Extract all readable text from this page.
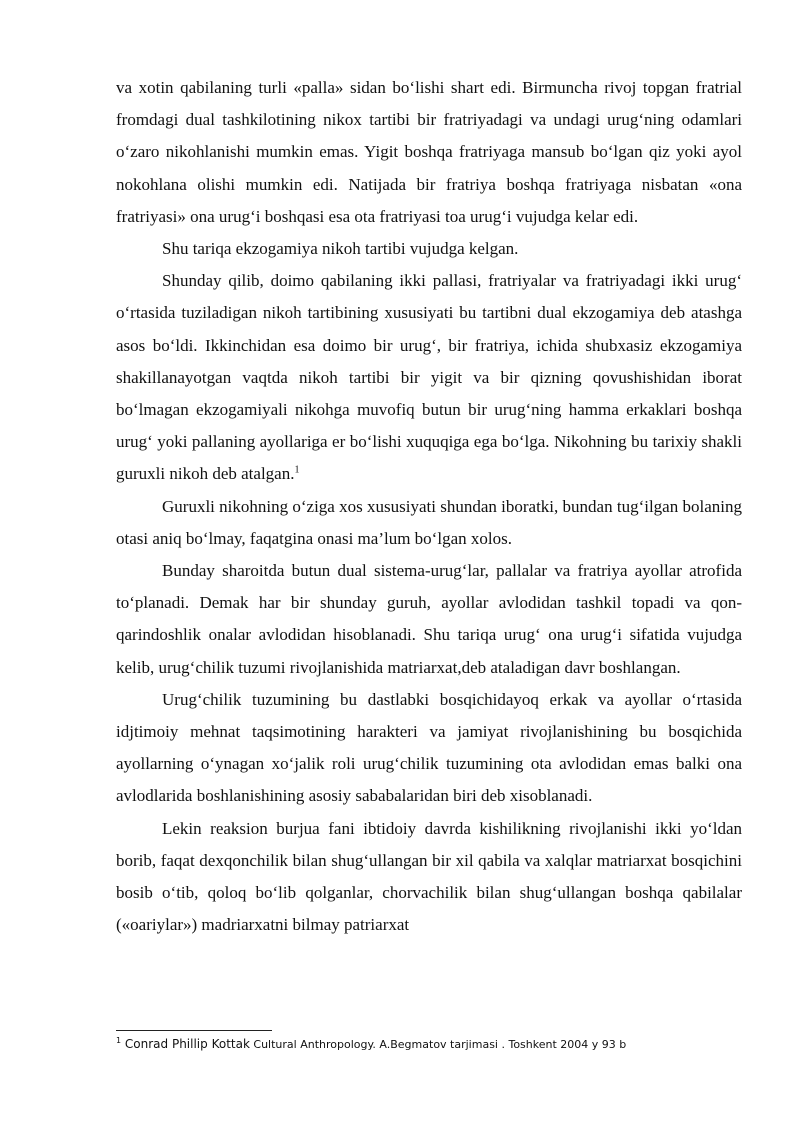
va xotin qabilaning turli «palla» sidan bo‘lishi shart edi. Birmuncha rivoj topgan fratrial fromdagi dual tashkilotining nikox tartibi bir fratriyadagi va undagi urug‘ning odamlari o‘zaro nikohlanishi mumkin emas. Yigit boshqa fratriyaga mansub bo‘lgan qiz yoki ayol nokohlana olishi mumkin edi. Natijada bir fratriya boshqa fratriyaga nisbatan «ona fratriyasi» ona urug‘i boshqasi esa ota fratriyasi toa urug‘i vujudga kelar edi.

Shu tariqa ekzogamiya nikoh tartibi vujudga kelgan.

Shunday qilib, doimo qabilaning ikki pallasi, fratriyalar va fratriyadagi ikki urug‘ o‘rtasida tuziladigan nikoh tartibining xususiyati bu tartibni dual ekzogamiya deb atashga asos bo‘ldi. Ikkinchidan esa doimo bir urug‘, bir fratriya, ichida shubxasiz ekzogamiya shakillanayotgan vaqtda nikoh tartibi bir yigit va bir qizning qovushishidan iborat bo‘lmagan ekzogamiyali nikohga muvofiq butun bir urug‘ning hamma erkaklari boshqa urug‘ yoki pallaning ayollariga er bo‘lishi xuquqiga ega bo‘lga. Nikohning bu tarixiy shakli guruxli nikoh deb atalgan.$^1$

Guruxli nikohning o‘ziga xos xususiyati shundan iboratki, bundan tug‘ilgan bolaning otasi aniq bo‘lmay, faqatgina onasi ma’lum bo‘lgan xolos.

Bunday sharoitda butun dual sistema-urug‘lar, pallalar va fratriya ayollar atrofida to‘planadi. Demak har bir shunday guruh, ayollar avlodidan tashkil topadi va qon-qarindoshlik onalar avlodidan hisoblanadi. Shu tariqa urug‘ ona urug‘i sifatida vujudga kelib, urug‘chilik tuzumi rivojlanishida matriarxat,deb ataladigan davr boshlangan.

Urug‘chilik tuzumining bu dastlabki bosqichidayoq erkak va ayollar o‘rtasida idjtimoiy mehnat taqsimotining harakteri va jamiyat rivojlanishining bu bosqichida ayollarning o‘ynagan xo‘jalik roli urug‘chilik tuzumining ota avlodidan emas balki ona avlodlarida boshlanishining asosiy sababalaridan biri deb xisoblanadi.

Lekin reaksion burjua fani ibtidoiy davrda kishilikning rivojlanishi ikki yo‘ldan borib, faqat dexqonchilik bilan shug‘ullangan bir xil qabila va xalqlar matriarxat bosqichini bosib o‘tib, qoloq bo‘lib qolganlar, chorvachilik bilan shug‘ullangan boshqa qabilalar («oariylar») madriarxatni bilmay patriarxat

$^1$ Conrad Phillip Kottak Cultural Anthropology. A.Begmatov tarjimasi . Toshkent 2004 y 93 b
